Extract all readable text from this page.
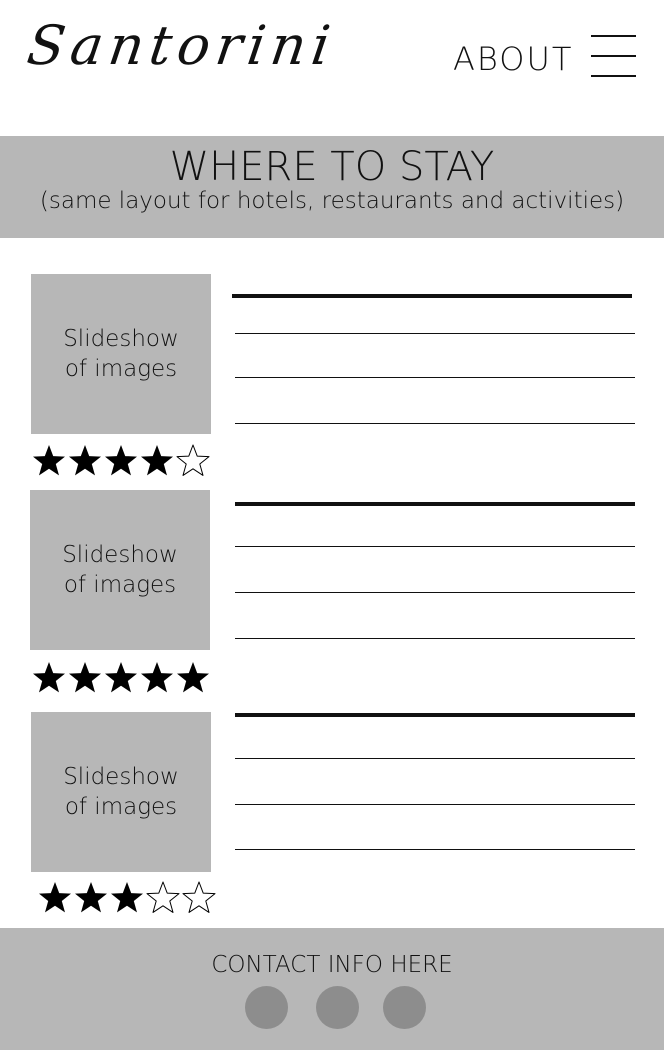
Santorini	ABOUT
WHERE TO STAY

(same layout for hotels, restaurants and activities)

Slideshow
of images
Slideshow
of images
Slideshow
of images
CONTACT INFO HERE
